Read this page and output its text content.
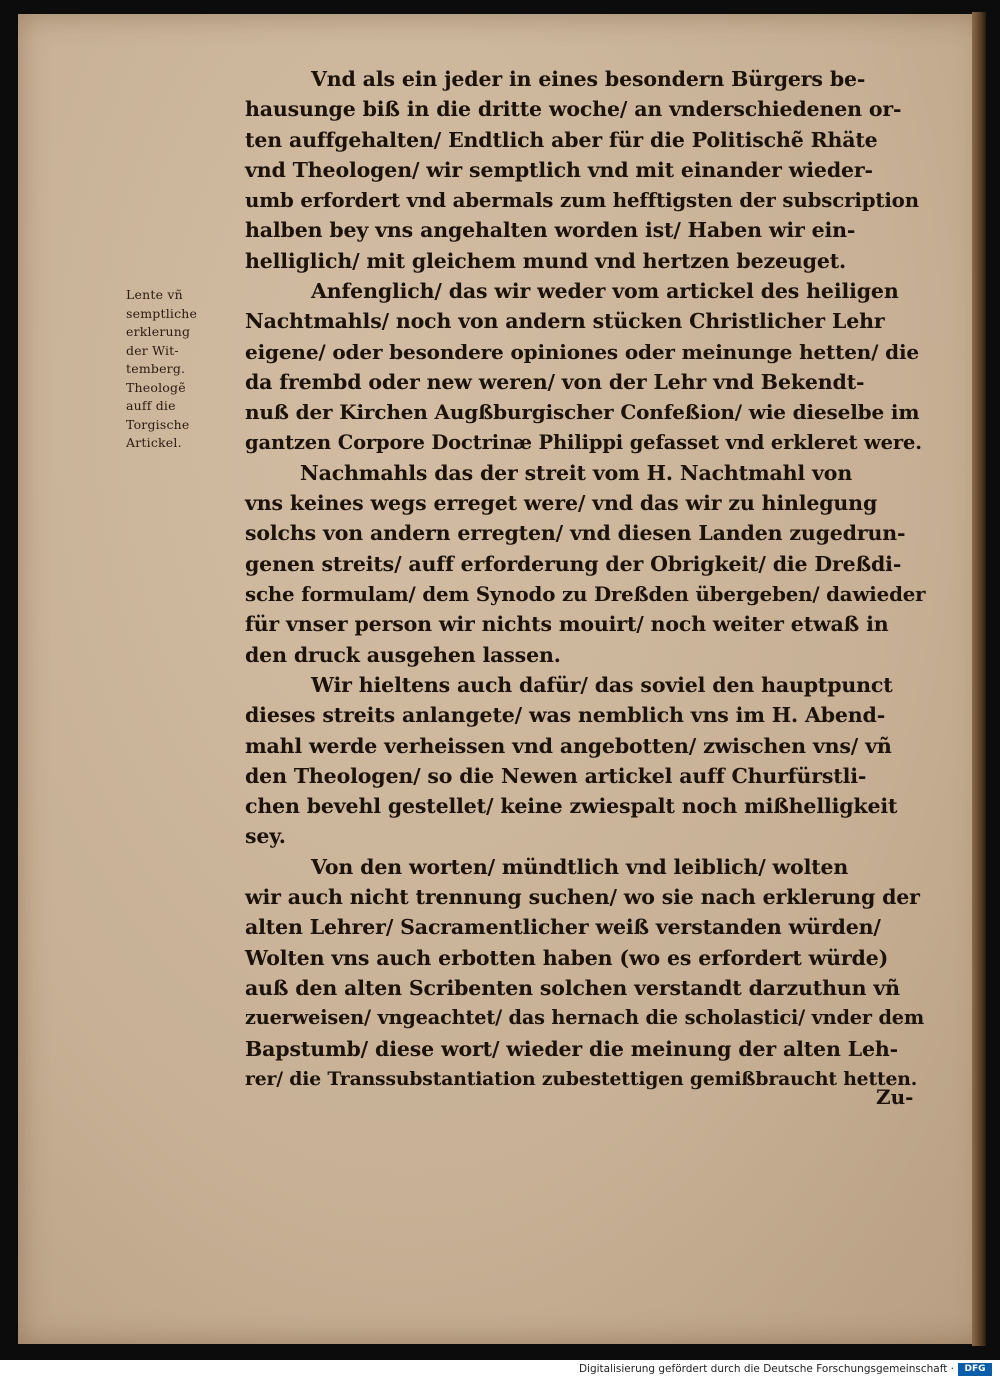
Lente vñ
semptliche
erklerung
der Wit-
temberg.
Theologẽ
auff die
Torgische
Artickel.
Vnd als ein jeder in eines besondern Bürgers be-
hausunge biß in die dritte woche/ an vnderschiedenen or-
ten auffgehalten/ Endtlich aber für die Politischẽ Rhäte
vnd Theologen/ wir semptlich vnd mit einander wieder-
umb erfordert vnd abermals zum hefftigsten der subscription
halben bey vns angehalten worden ist/ Haben wir ein-
helliglich/ mit gleichem mund vnd hertzen bezeuget.
Anfenglich/ das wir weder vom artickel des heiligen
Nachtmahls/ noch von andern stücken Christlicher Lehr
eigene/ oder besondere opiniones oder meinunge hetten/ die
da frembd oder new weren/ von der Lehr vnd Bekendt-
nuß der Kirchen Augßburgischer Confeßion/ wie dieselbe im
gantzen Corpore Doctrinæ Philippi gefasset vnd erkleret were.
Nachmahls das der streit vom H. Nachtmahl von
vns keines wegs erreget were/ vnd das wir zu hinlegung
solchs von andern erregten/ vnd diesen Landen zugedrun-
genen streits/ auff erforderung der Obrigkeit/ die Dreßdi-
sche formulam/ dem Synodo zu Dreßden übergeben/ dawieder
für vnser person wir nichts mouirt/ noch weiter etwaß in
den druck ausgehen lassen.
Wir hieltens auch dafür/ das soviel den hauptpunct
dieses streits anlangete/ was nemblich vns im H. Abend-
mahl werde verheissen vnd angebotten/ zwischen vns/ vñ
den Theologen/ so die Newen artickel auff Churfürstli-
chen bevehl gestellet/ keine zwiespalt noch mißhelligkeit
sey.
Von den worten/ mündtlich vnd leiblich/ wolten
wir auch nicht trennung suchen/ wo sie nach erklerung der
alten Lehrer/ Sacramentlicher weiß verstanden würden/
Wolten vns auch erbotten haben (wo es erfordert würde)
auß den alten Scribenten solchen verstandt darzuthun vñ
zuerweisen/ vngeachtet/ das hernach die scholastici/ vnder dem
Bapstumb/ diese wort/ wieder die meinung der alten Leh-
rer/ die Transsubstantiation zubestettigen gemißbraucht hetten.
Zu-
Digitalisierung gefördert durch die Deutsche Forschungsgemeinschaft ·	DFG
